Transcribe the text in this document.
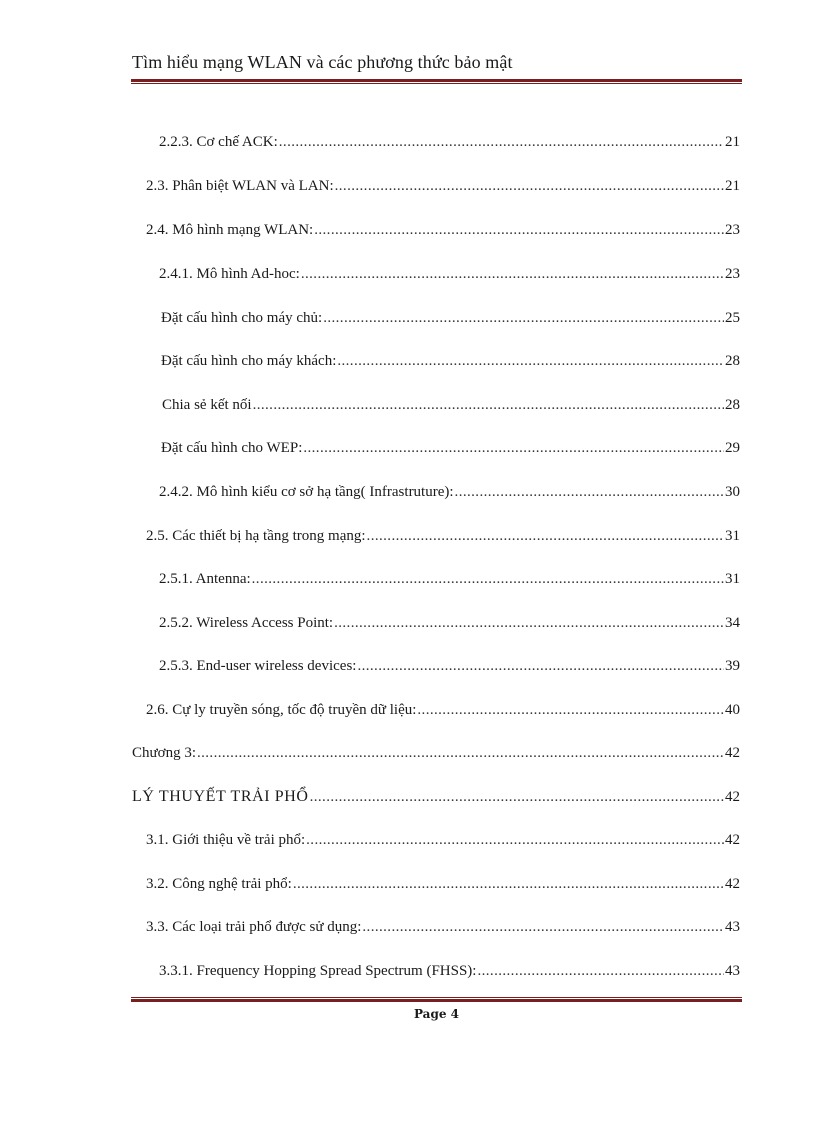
Tìm hiểu mạng WLAN và các phương thức bảo mật
2.2.3. Cơ chế ACK: .....	21
2.3. Phân biệt WLAN và LAN: .....	21
2.4. Mô hình mạng WLAN: .....	23
2.4.1. Mô hình Ad-hoc: .....	23
Đặt cấu hình cho máy chủ: .....	25
Đặt cấu hình cho máy khách: .....	28
Chia sẻ kết nối .....	28
Đặt cấu hình cho WEP: .....	29
2.4.2. Mô hình kiểu cơ sở hạ tầng( Infrastruture): .....	30
2.5. Các thiết bị hạ tầng trong mạng: .....	31
2.5.1. Antenna: .....	31
2.5.2. Wireless Access Point: .....	34
2.5.3. End-user wireless devices: .....	39
2.6. Cự ly truyền sóng, tốc độ truyền dữ liệu: .....	40
Chương 3: .....	42
LÝ THUYẾT TRẢI PHỔ .....	42
3.1. Giới thiệu về trải phổ: .....	42
3.2. Công nghệ trải phổ: .....	42
3.3. Các loại trải phổ được sử dụng: .....	43
3.3.1. Frequency Hopping Spread Spectrum (FHSS): .....	43
Page 4
